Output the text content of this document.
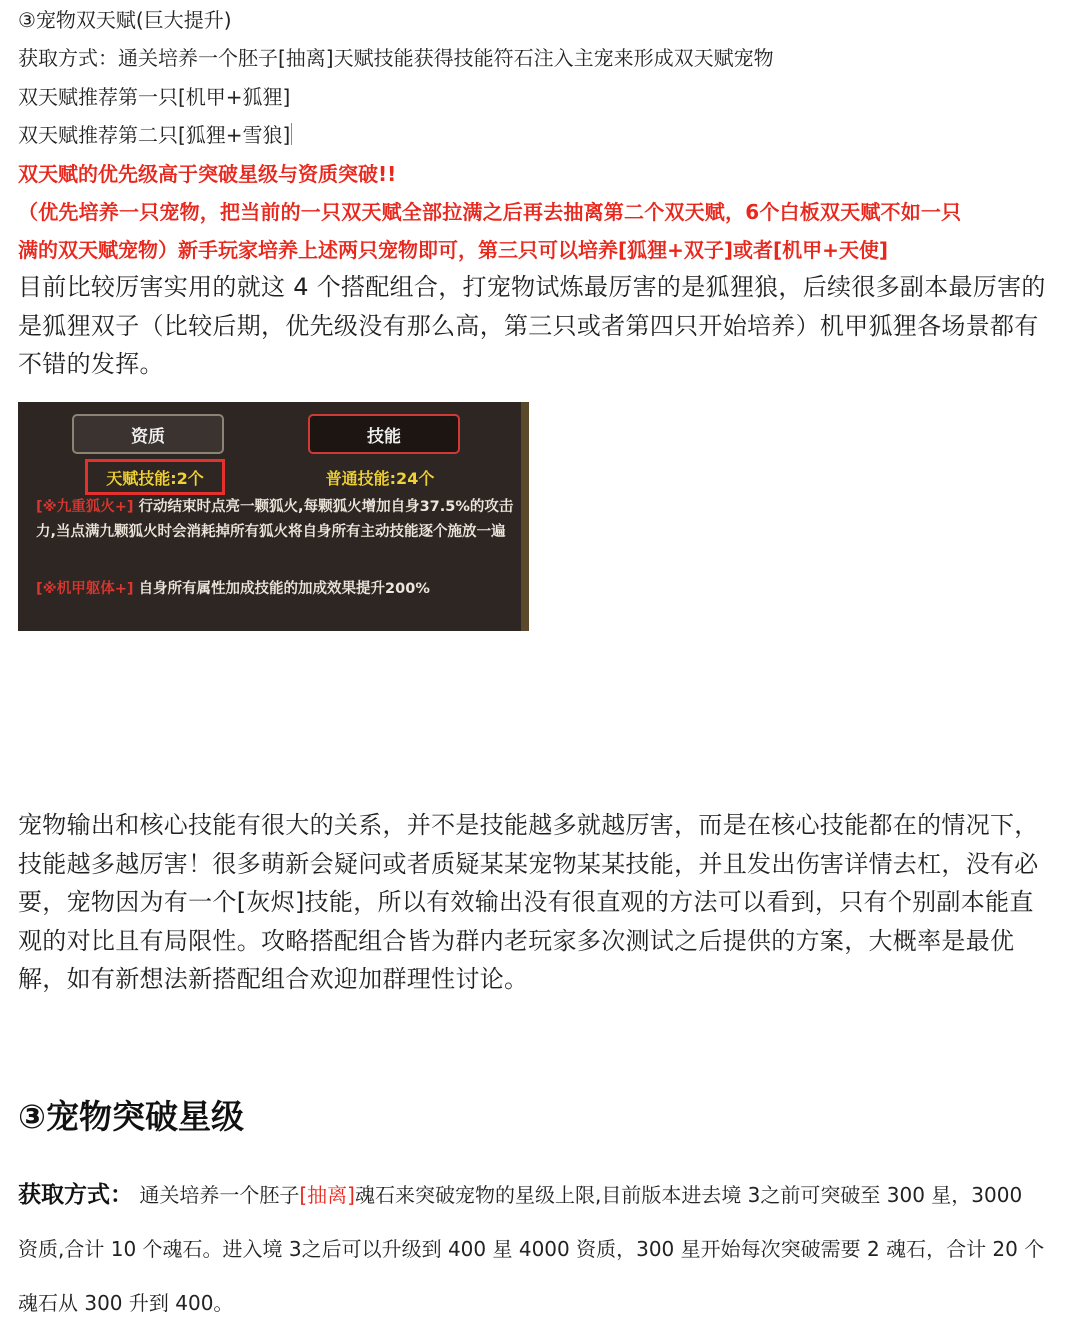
③宠物双天赋(巨大提升)
获取方式：通关培养一个胚子[抽离]天赋技能获得技能符石注入主宠来形成双天赋宠物
双天赋推荐第一只[机甲+狐狸]
双天赋推荐第二只[狐狸+雪狼]
双天赋的优先级高于突破星级与资质突破!!
（优先培养一只宠物，把当前的一只双天赋全部拉满之后再去抽离第二个双天赋，6个白板双天赋不如一只
满的双天赋宠物）新手玩家培养上述两只宠物即可，第三只可以培养[狐狸+双子]或者[机甲+天使]
目前比较厉害实用的就这 4 个搭配组合，打宠物试炼最厉害的是狐狸狼，后续很多副本最厉害的是狐狸双子（比较后期，优先级没有那么高，第三只或者第四只开始培养）机甲狐狸各场景都有不错的发挥。
资质	技能
天赋技能:2个	普通技能:24个
[※九重狐火+] 行动结束时点亮一颗狐火,每颗狐火增加自身37.5%的攻击力,当点满九颗狐火时会消耗掉所有狐火将自身所有主动技能逐个施放一遍
[※机甲躯体+] 自身所有属性加成技能的加成效果提升200%
宠物输出和核心技能有很大的关系，并不是技能越多就越厉害，而是在核心技能都在的情况下，技能越多越厉害！很多萌新会疑问或者质疑某某宠物某某技能，并且发出伤害详情去杠，没有必要，宠物因为有一个[灰烬]技能，所以有效输出没有很直观的方法可以看到，只有个别副本能直观的对比且有局限性。攻略搭配组合皆为群内老玩家多次测试之后提供的方案，大概率是最优解，如有新想法新搭配组合欢迎加群理性讨论。
③宠物突破星级
获取方式： 通关培养一个胚子[抽离]魂石来突破宠物的星级上限,目前版本进去境 3之前可突破至 300 星，3000 资质,合计 10 个魂石。进入境 3之后可以升级到 400 星 4000 资质，300 星开始每次突破需要 2 魂石，合计 20 个魂石从 300 升到 400。
